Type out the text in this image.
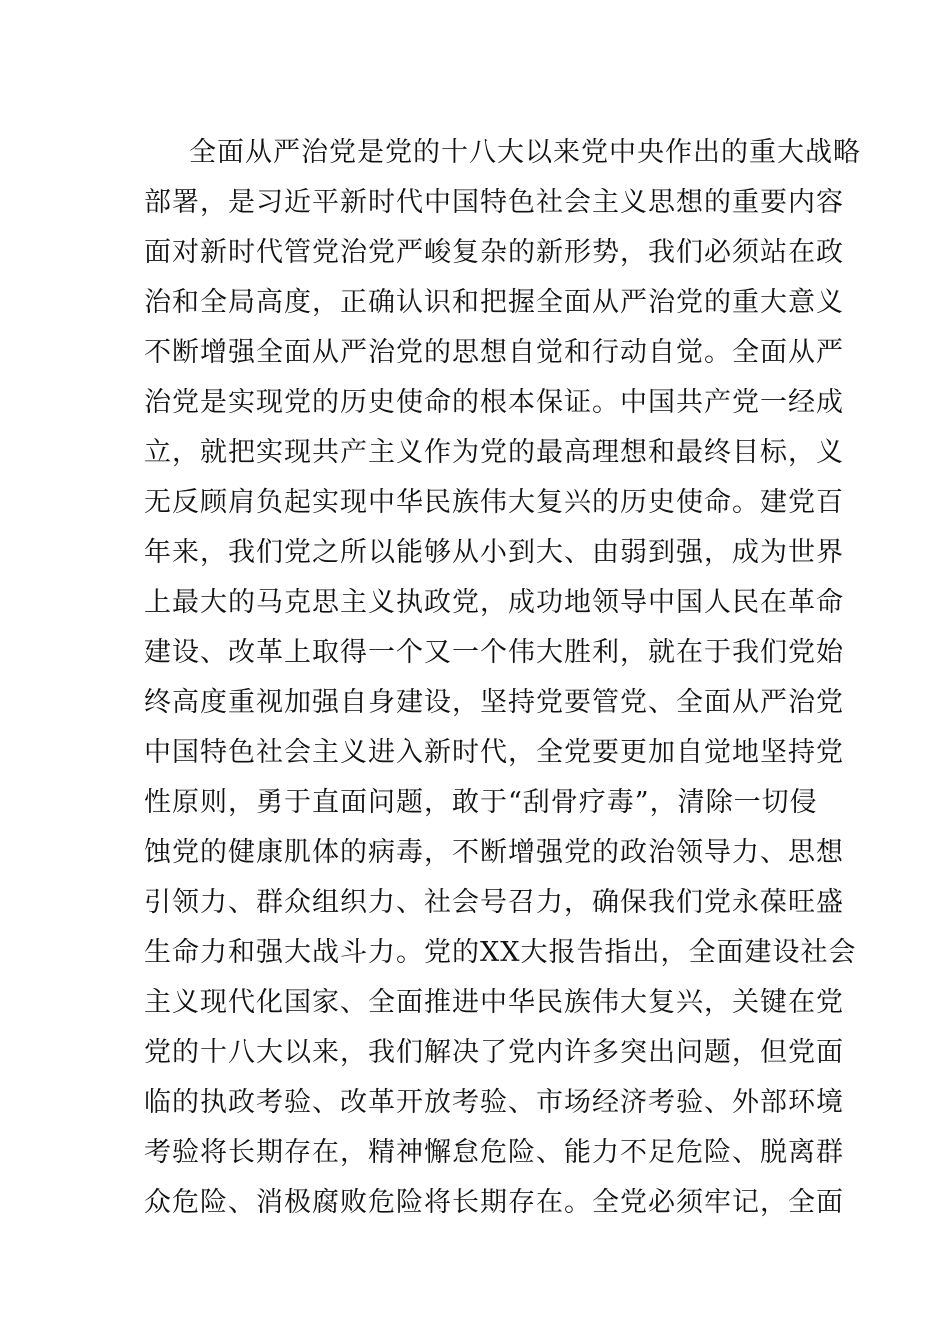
全面从严治党是党的十八大以来党中央作出的重大战略
部署，是习近平新时代中国特色社会主义思想的重要内容
面对新时代管党治党严峻复杂的新形势，我们必须站在政
治和全局高度，正确认识和把握全面从严治党的重大意义
不断增强全面从严治党的思想自觉和行动自觉。全面从严
治党是实现党的历史使命的根本保证。中国共产党一经成
立，就把实现共产主义作为党的最高理想和最终目标，义
无反顾肩负起实现中华民族伟大复兴的历史使命。建党百
年来，我们党之所以能够从小到大、由弱到强，成为世界
上最大的马克思主义执政党，成功地领导中国人民在革命
建设、改革上取得一个又一个伟大胜利，就在于我们党始
终高度重视加强自身建设，坚持党要管党、全面从严治党
中国特色社会主义进入新时代，全党要更加自觉地坚持党
性原则，勇于直面问题，敢于“刮骨疗毒”，清除一切侵
蚀党的健康肌体的病毒，不断增强党的政治领导力、思想
引领力、群众组织力、社会号召力，确保我们党永葆旺盛
生命力和强大战斗力。党的XX大报告指出，全面建设社会
主义现代化国家、全面推进中华民族伟大复兴，关键在党
党的十八大以来，我们解决了党内许多突出问题，但党面
临的执政考验、改革开放考验、市场经济考验、外部环境
考验将长期存在，精神懈怠危险、能力不足危险、脱离群
众危险、消极腐败危险将长期存在。全党必须牢记，全面
